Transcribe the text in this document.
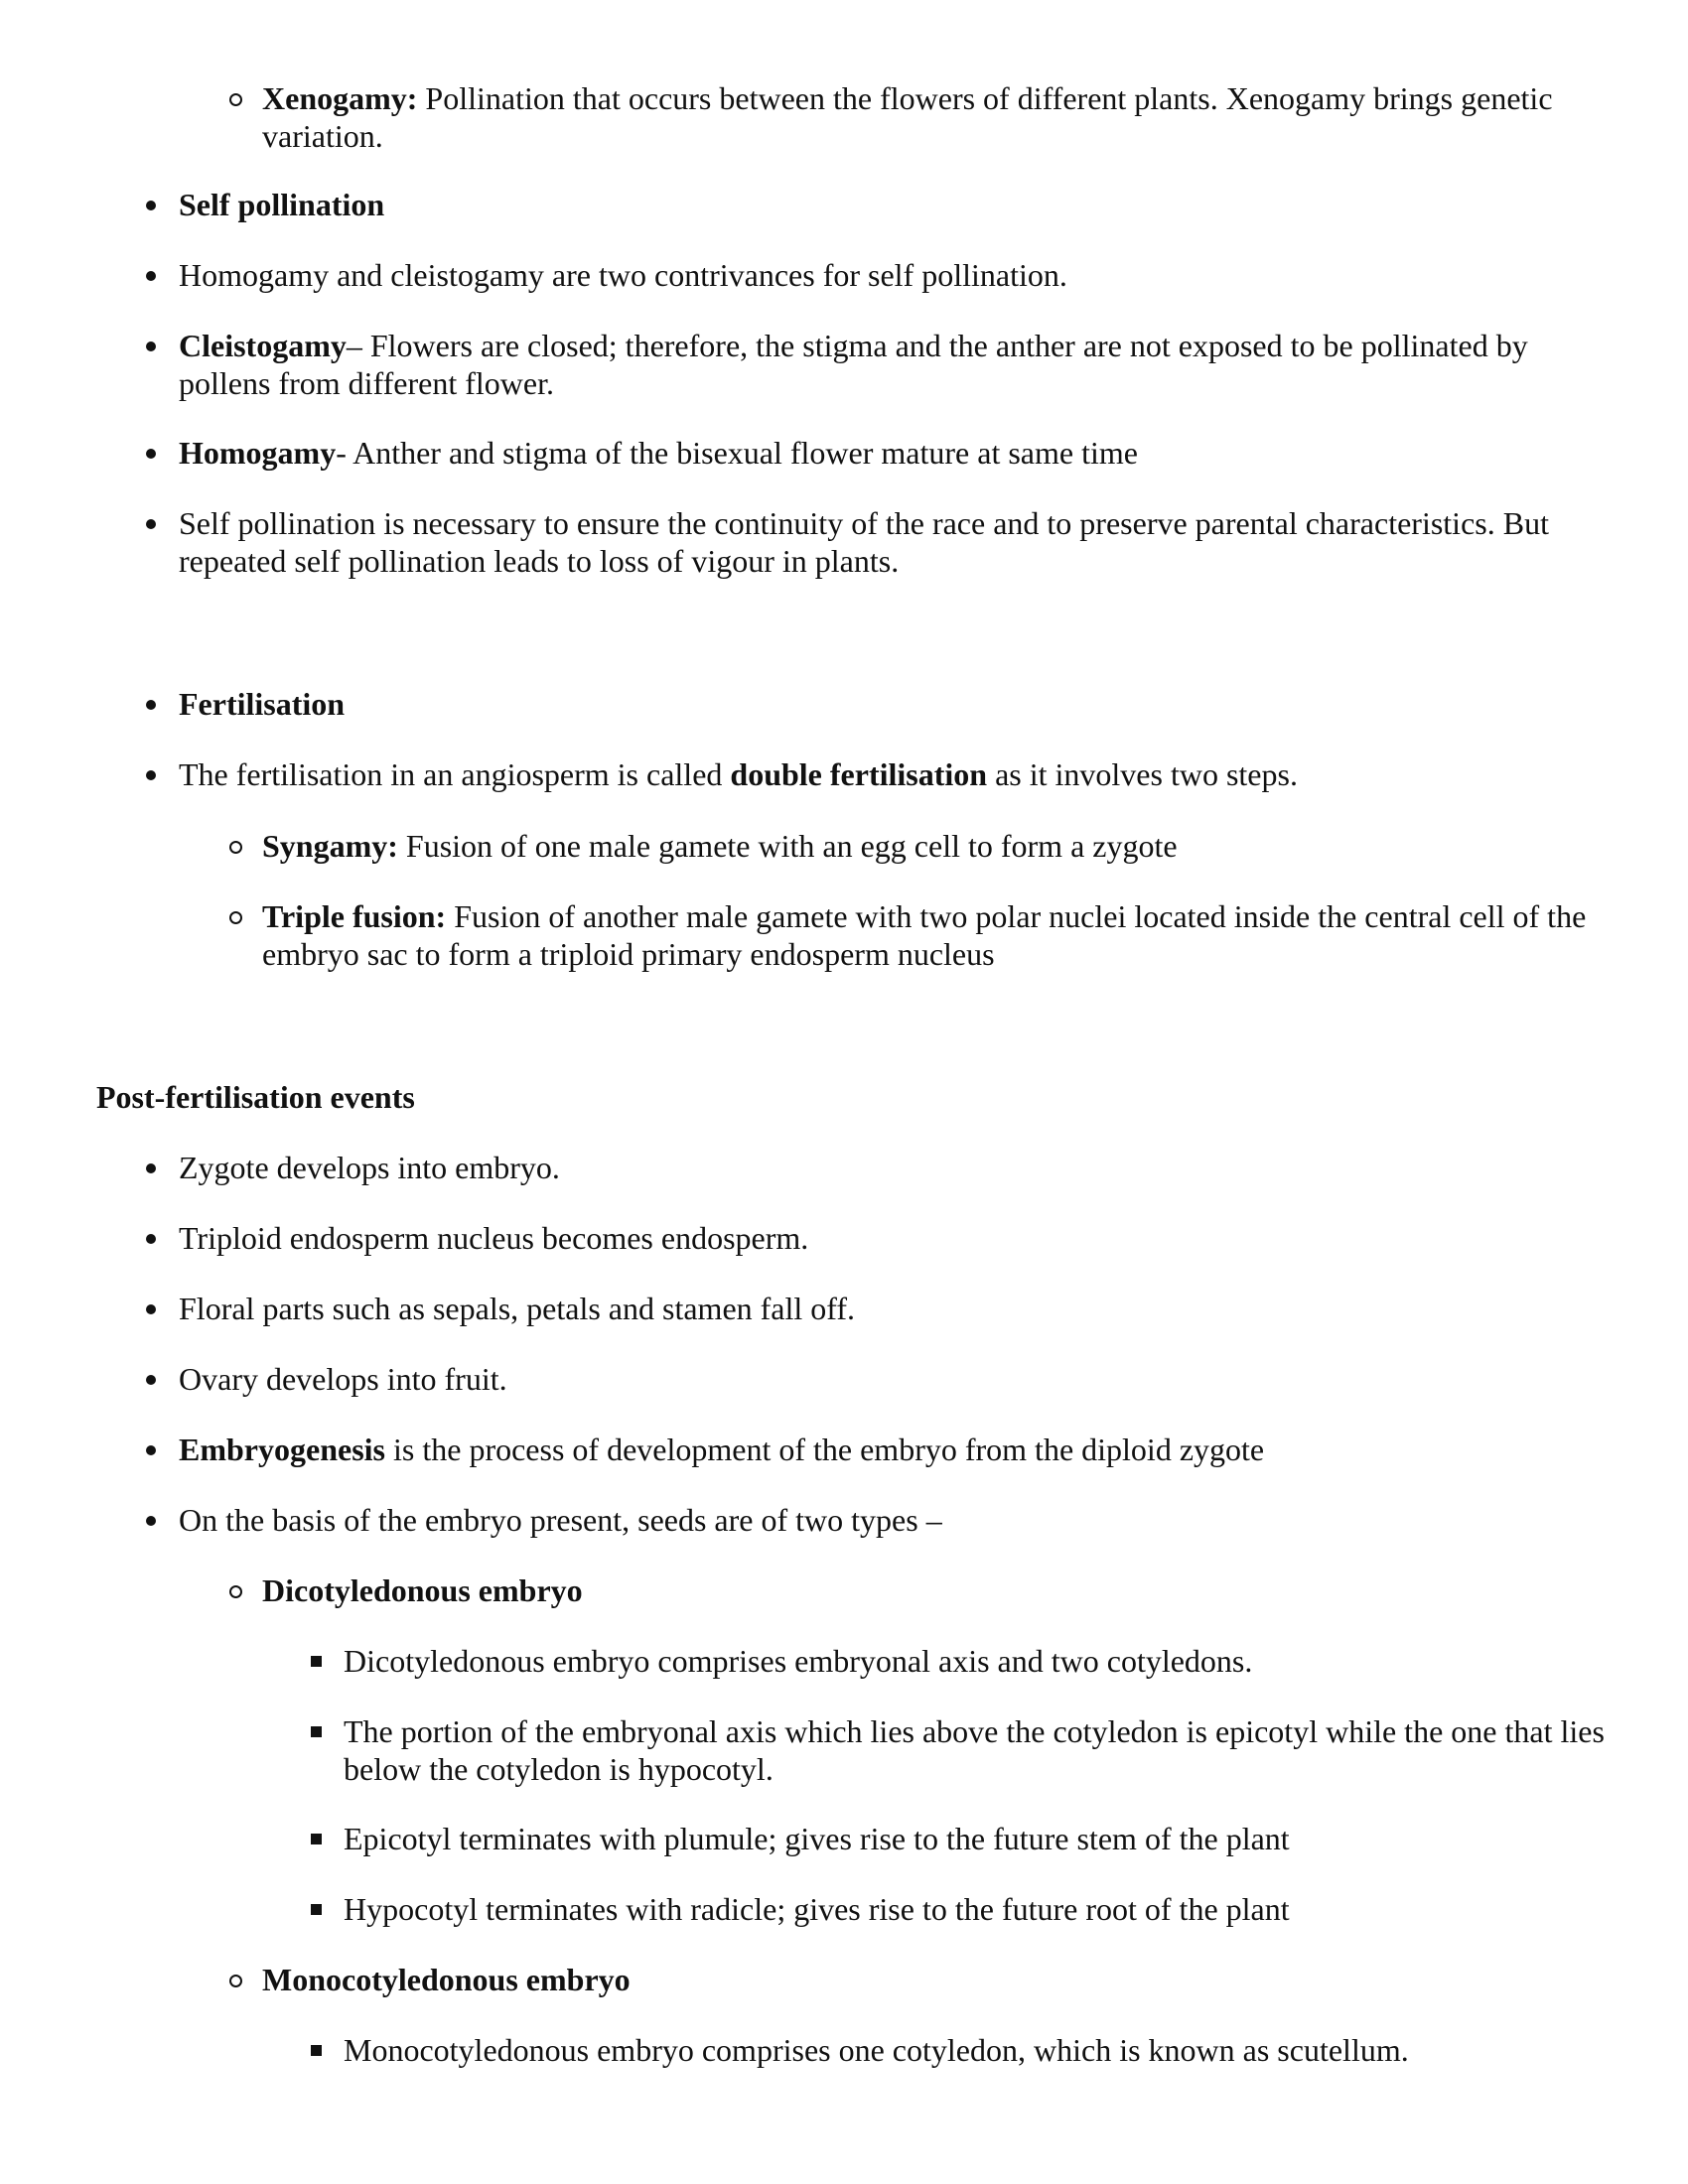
Xenogamy: Pollination that occurs between the flowers of different plants. Xenogamy brings genetic variation.
Self pollination
Homogamy and cleistogamy are two contrivances for self pollination.
Cleistogamy– Flowers are closed; therefore, the stigma and the anther are not exposed to be pollinated by pollens from different flower.
Homogamy- Anther and stigma of the bisexual flower mature at same time
Self pollination is necessary to ensure the continuity of the race and to preserve parental characteristics. But repeated self pollination leads to loss of vigour in plants.
Fertilisation
The fertilisation in an angiosperm is called double fertilisation as it involves two steps.
Syngamy: Fusion of one male gamete with an egg cell to form a zygote
Triple fusion: Fusion of another male gamete with two polar nuclei located inside the central cell of the embryo sac to form a triploid primary endosperm nucleus
Post-fertilisation events
Zygote develops into embryo.
Triploid endosperm nucleus becomes endosperm.
Floral parts such as sepals, petals and stamen fall off.
Ovary develops into fruit.
Embryogenesis is the process of development of the embryo from the diploid zygote
On the basis of the embryo present, seeds are of two types –
Dicotyledonous embryo
Dicotyledonous embryo comprises embryonal axis and two cotyledons.
The portion of the embryonal axis which lies above the cotyledon is epicotyl while the one that lies below the cotyledon is hypocotyl.
Epicotyl terminates with plumule; gives rise to the future stem of the plant
Hypocotyl terminates with radicle; gives rise to the future root of the plant
Monocotyledonous embryo
Monocotyledonous embryo comprises one cotyledon, which is known as scutellum.
